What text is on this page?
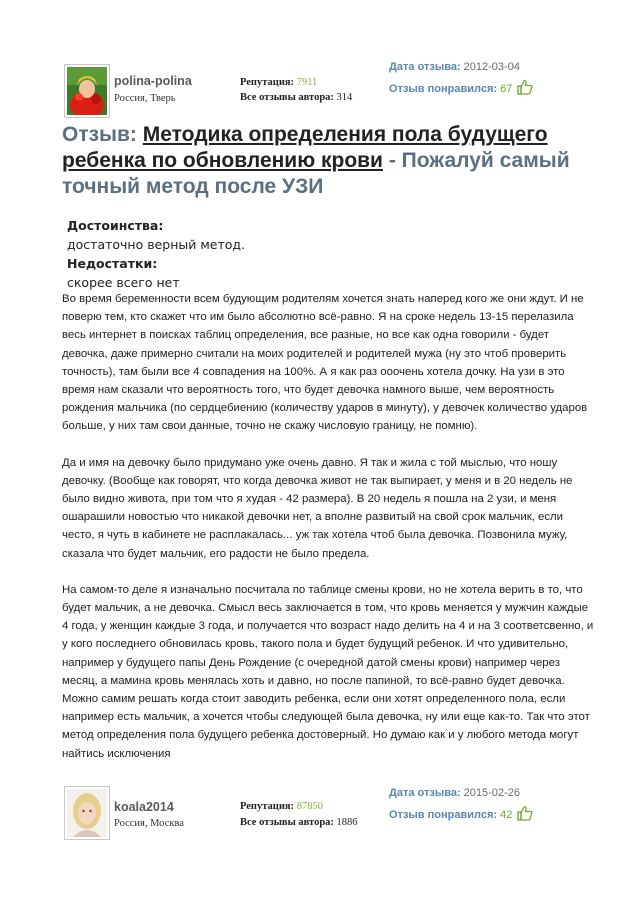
polina-polina
Россия, Тверь
Репутация: 7911
Все отзывы автора: 314
Дата отзыва: 2012-03-04
Отзыв понравился: 67
Отзыв: Методика определения пола будущего ребенка по обновлению крови - Пожалуй самый точный метод после УЗИ
Достоинства:
достаточно верный метод.
Недостатки:
скорее всего нет

Во время беременности всем будующим родителям хочется знать наперед кого же они ждут. И не поверю тем, кто скажет что им было абсолютно всё-равно. Я на сроке недель 13-15 перелазила весь интернет в поисках таблиц определения, все разные, но все как одна говорили - будет девочка, даже примерно считали на моих родителей и родителей мужа (ну это чтоб проверить точность), там были все 4 совпадения на 100%. А я как раз ооочень хотела дочку. На узи в это время нам сказали что вероятность того, что будет девочка намного выше, чем вероятность рождения мальчика (по сердцебиению (количеству ударов в минуту), у девочек количество ударов больше, у них там свои данные, точно не скажу числовую границу, не помню).

Да и имя на девочку было придумано уже очень давно. Я так и жила с той мыслью, что ношу девочку. (Вообще как говорят, что когда девочка живот не так выпирает, у меня и в 20 недель не было видно живота, при том что я худая - 42 размера). В 20 недель я пошла на 2 узи, и меня ошарашили новостью что никакой девочки нет, а вполне развитый на свой срок мальчик, если често, я чуть в кабинете не расплакалась... уж так хотела чтоб была девочка. Позвонила мужу, сказала что будет мальчик, его радости не было предела.

На самом-то деле я изначально посчитала по таблице смены крови, но не хотела верить в то, что будет мальчик, а не девочка. Смысл весь заключается в том, что кровь меняется у мужчин каждые 4 года, у женщин каждые 3 года, и получается что возраст надо делить на 4 и на 3 соответсвенно, и у кого последнего обновилась кровь, такого пола и будет будущий ребенок. И что удивительно, например у будущего папы День Рождение (с очередной датой смены крови) например через месяц, а мамина кровь менялась хоть и давно, но после папиной, то всё-равно будет девочка. Можно самим решать когда стоит заводить ребенка, если они хотят определенного пола, если например есть мальчик, а хочется чтобы следующей была девочка, ну или еще как-то. Так что этот метод определения пола будущего ребенка достоверный. Но думаю как и у любого метода могут найтись исключения

koala2014
Россия, Москва
Репутация: 87850
Все отзывы автора: 1886
Дата отзыва: 2015-02-26
Отзыв понравился: 42
